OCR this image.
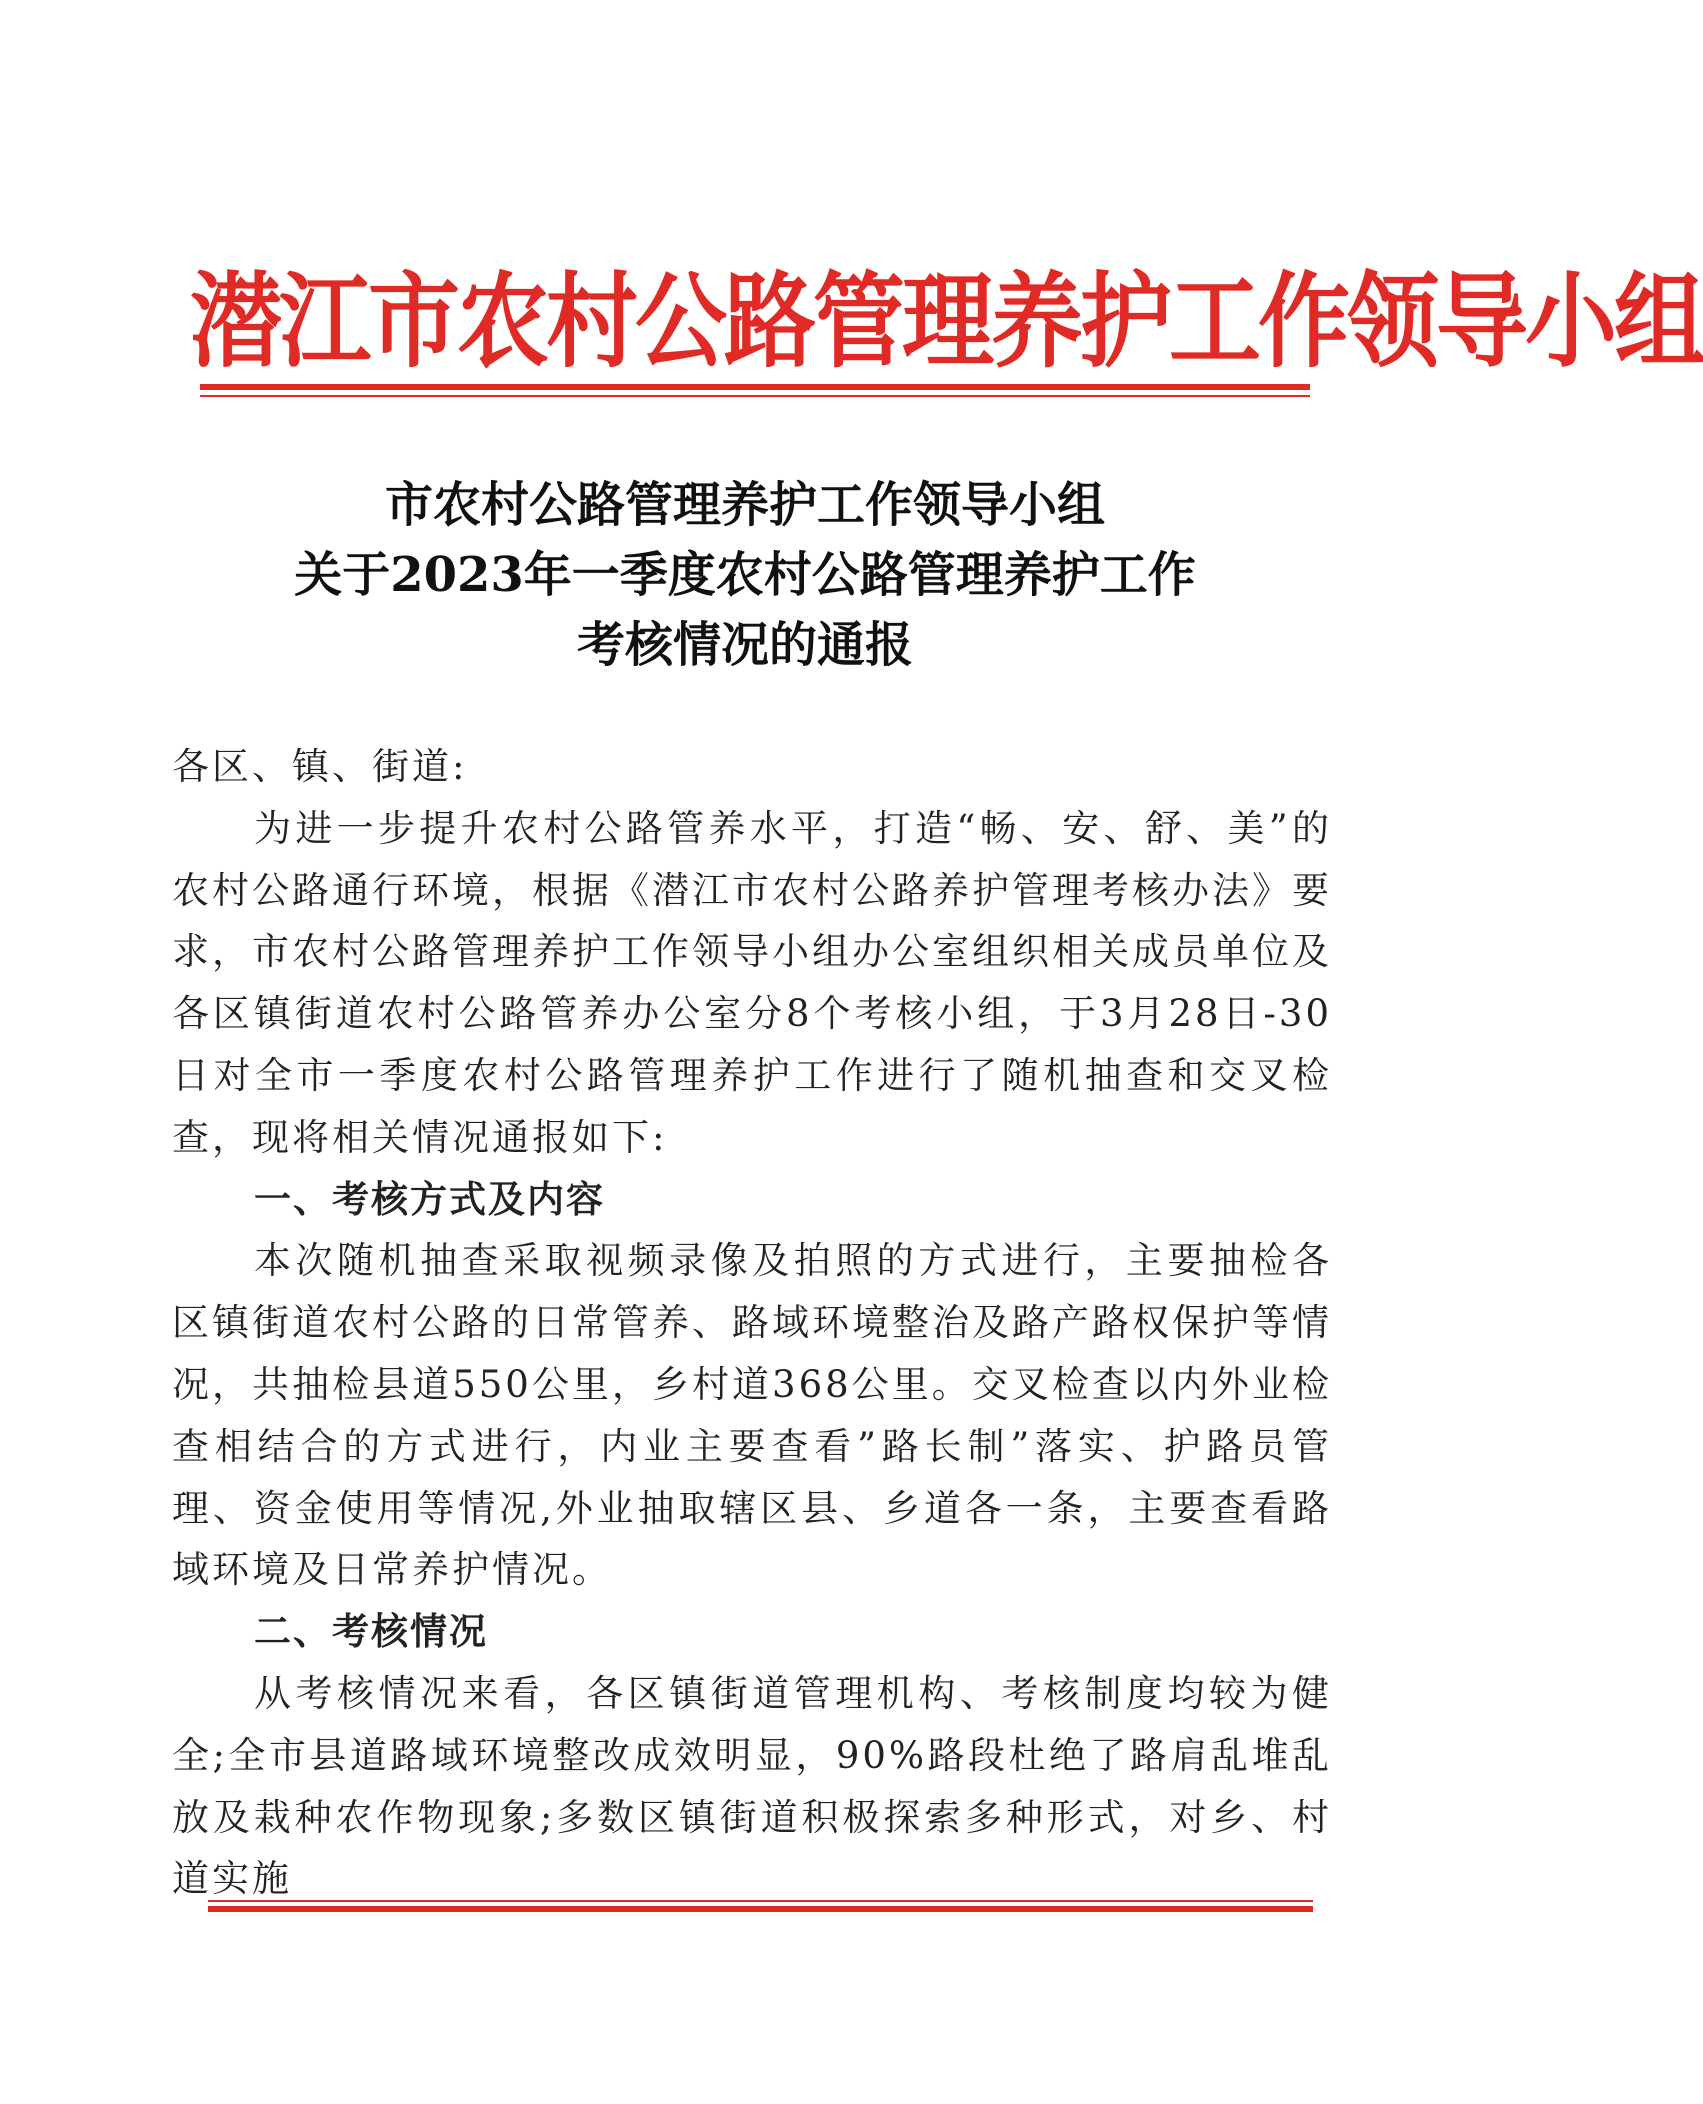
潜江市农村公路管理养护工作领导小组
市农村公路管理养护工作领导小组
关于2023年一季度农村公路管理养护工作
考核情况的通报

各区、镇、街道:

为进一步提升农村公路管养水平，打造“畅、安、舒、美”的农村公路通行环境，根据《潜江市农村公路养护管理考核办法》要求，市农村公路管理养护工作领导小组办公室组织相关成员单位及各区镇街道农村公路管养办公室分8个考核小组，于3月28日-30日对全市一季度农村公路管理养护工作进行了随机抽查和交叉检查，现将相关情况通报如下:

一、考核方式及内容

本次随机抽查采取视频录像及拍照的方式进行，主要抽检各区镇街道农村公路的日常管养、路域环境整治及路产路权保护等情况，共抽检县道550公里，乡村道368公里。交叉检查以内外业检查相结合的方式进行，内业主要查看”路长制”落实、护路员管理、资金使用等情况,外业抽取辖区县、乡道各一条，主要查看路域环境及日常养护情况。

二、考核情况

从考核情况来看，各区镇街道管理机构、考核制度均较为健全;全市县道路域环境整改成效明显，90%路段杜绝了路肩乱堆乱放及栽种农作物现象;多数区镇街道积极探索多种形式，对乡、村道实施
